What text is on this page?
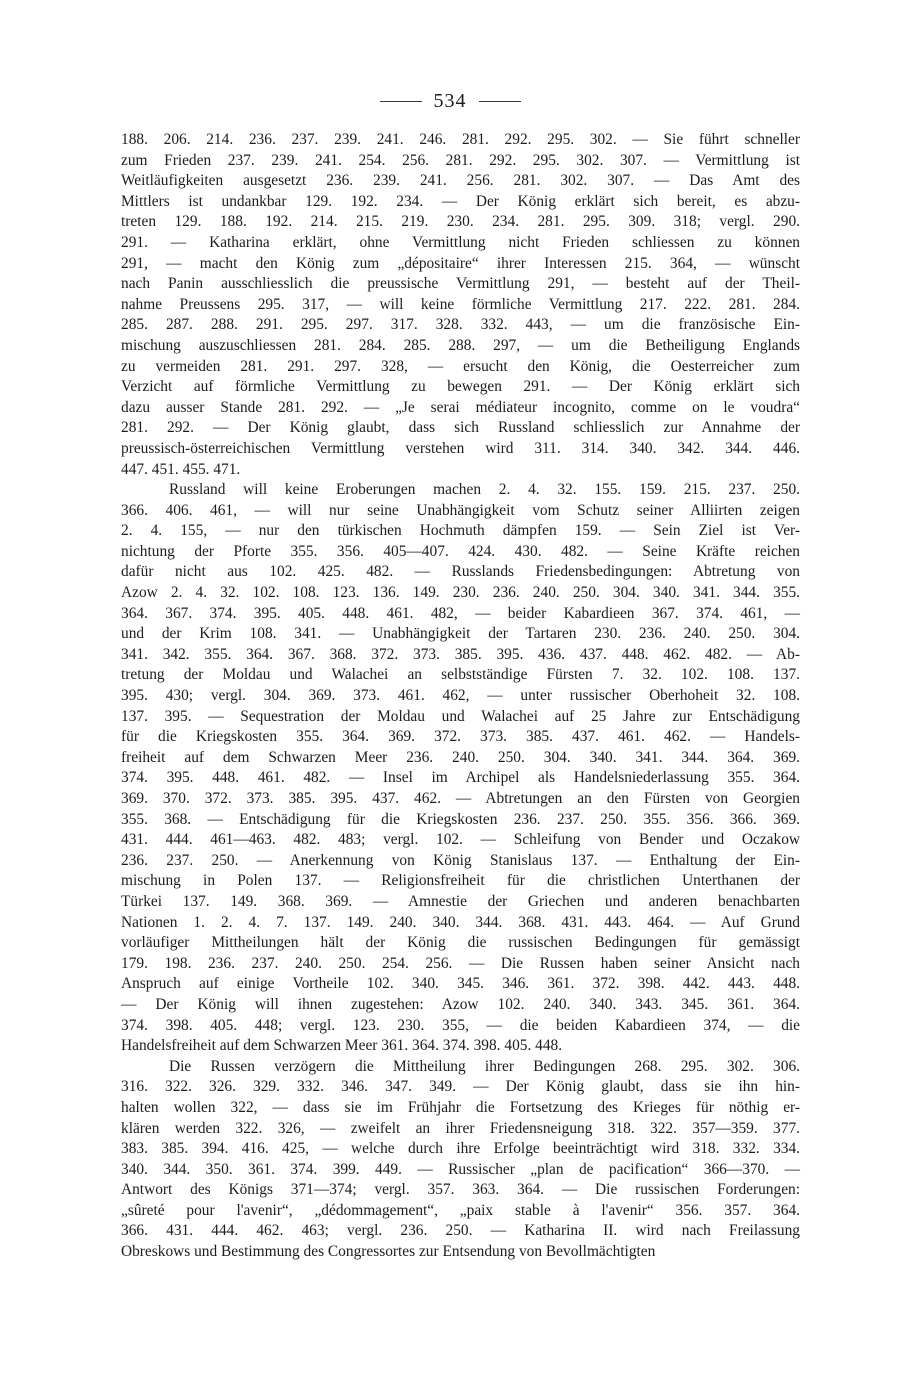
534
188. 206. 214. 236. 237. 239. 241. 246. 281. 292. 295. 302. — Sie führt schneller
zum Frieden 237. 239. 241. 254. 256. 281. 292. 295. 302. 307. — Vermittlung ist
Weitläufigkeiten ausgesetzt 236. 239. 241. 256. 281. 302. 307. — Das Amt des
Mittlers ist undankbar 129. 192. 234. — Der König erklärt sich bereit, es abzu-
treten 129. 188. 192. 214. 215. 219. 230. 234. 281. 295. 309. 318; vergl. 290.
291. — Katharina erklärt, ohne Vermittlung nicht Frieden schliessen zu können
291, — macht den König zum „dépositaire“ ihrer Interessen 215. 364, — wünscht
nach Panin ausschliesslich die preussische Vermittlung 291, — besteht auf der Theil-
nahme Preussens 295. 317, — will keine förmliche Vermittlung 217. 222. 281. 284.
285. 287. 288. 291. 295. 297. 317. 328. 332. 443, — um die französische Ein-
mischung auszuschliessen 281. 284. 285. 288. 297, — um die Betheiligung Englands
zu vermeiden 281. 291. 297. 328, — ersucht den König, die Oesterreicher zum
Verzicht auf förmliche Vermittlung zu bewegen 291. — Der König erklärt sich
dazu ausser Stande 281. 292. — „Je serai médiateur incognito, comme on le voudra“
281. 292. — Der König glaubt, dass sich Russland schliesslich zur Annahme der
preussisch-österreichischen Vermittlung verstehen wird 311. 314. 340. 342. 344. 446.
447. 451. 455. 471.
Russland will keine Eroberungen machen 2. 4. 32. 155. 159. 215. 237. 250.
366. 406. 461, — will nur seine Unabhängigkeit vom Schutz seiner Alliirten zeigen
2. 4. 155, — nur den türkischen Hochmuth dämpfen 159. — Sein Ziel ist Ver-
nichtung der Pforte 355. 356. 405—407. 424. 430. 482. — Seine Kräfte reichen
dafür nicht aus 102. 425. 482. — Russlands Friedensbedingungen: Abtretung von
Azow 2. 4. 32. 102. 108. 123. 136. 149. 230. 236. 240. 250. 304. 340. 341. 344. 355.
364. 367. 374. 395. 405. 448. 461. 482, — beider Kabardieen 367. 374. 461, —
und der Krim 108. 341. — Unabhängigkeit der Tartaren 230. 236. 240. 250. 304.
341. 342. 355. 364. 367. 368. 372. 373. 385. 395. 436. 437. 448. 462. 482. — Ab-
tretung der Moldau und Walachei an selbstständige Fürsten 7. 32. 102. 108. 137.
395. 430; vergl. 304. 369. 373. 461. 462, — unter russischer Oberhoheit 32. 108.
137. 395. — Sequestration der Moldau und Walachei auf 25 Jahre zur Entschädigung
für die Kriegskosten 355. 364. 369. 372. 373. 385. 437. 461. 462. — Handels-
freiheit auf dem Schwarzen Meer 236. 240. 250. 304. 340. 341. 344. 364. 369.
374. 395. 448. 461. 482. — Insel im Archipel als Handelsniederlassung 355. 364.
369. 370. 372. 373. 385. 395. 437. 462. — Abtretungen an den Fürsten von Georgien
355. 368. — Entschädigung für die Kriegskosten 236. 237. 250. 355. 356. 366. 369.
431. 444. 461—463. 482. 483; vergl. 102. — Schleifung von Bender und Oczakow
236. 237. 250. — Anerkennung von König Stanislaus 137. — Enthaltung der Ein-
mischung in Polen 137. — Religionsfreiheit für die christlichen Unterthanen der
Türkei 137. 149. 368. 369. — Amnestie der Griechen und anderen benachbarten
Nationen 1. 2. 4. 7. 137. 149. 240. 340. 344. 368. 431. 443. 464. — Auf Grund
vorläufiger Mittheilungen hält der König die russischen Bedingungen für gemässigt
179. 198. 236. 237. 240. 250. 254. 256. — Die Russen haben seiner Ansicht nach
Anspruch auf einige Vortheile 102. 340. 345. 346. 361. 372. 398. 442. 443. 448.
— Der König will ihnen zugestehen: Azow 102. 240. 340. 343. 345. 361. 364.
374. 398. 405. 448; vergl. 123. 230. 355, — die beiden Kabardieen 374, — die
Handelsfreiheit auf dem Schwarzen Meer 361. 364. 374. 398. 405. 448.
Die Russen verzögern die Mittheilung ihrer Bedingungen 268. 295. 302. 306.
316. 322. 326. 329. 332. 346. 347. 349. — Der König glaubt, dass sie ihn hin-
halten wollen 322, — dass sie im Frühjahr die Fortsetzung des Krieges für nöthig er-
klären werden 322. 326, — zweifelt an ihrer Friedensneigung 318. 322. 357—359. 377.
383. 385. 394. 416. 425, — welche durch ihre Erfolge beeinträchtigt wird 318. 332. 334.
340. 344. 350. 361. 374. 399. 449. — Russischer „plan de pacification“ 366—370. —
Antwort des Königs 371—374; vergl. 357. 363. 364. — Die russischen Forderungen:
„sûreté pour l'avenir“, „dédommagement“, „paix stable à l'avenir“ 356. 357. 364.
366. 431. 444. 462. 463; vergl. 236. 250. — Katharina II. wird nach Freilassung
Obreskows und Bestimmung des Congressortes zur Entsendung von Bevollmächtigten
